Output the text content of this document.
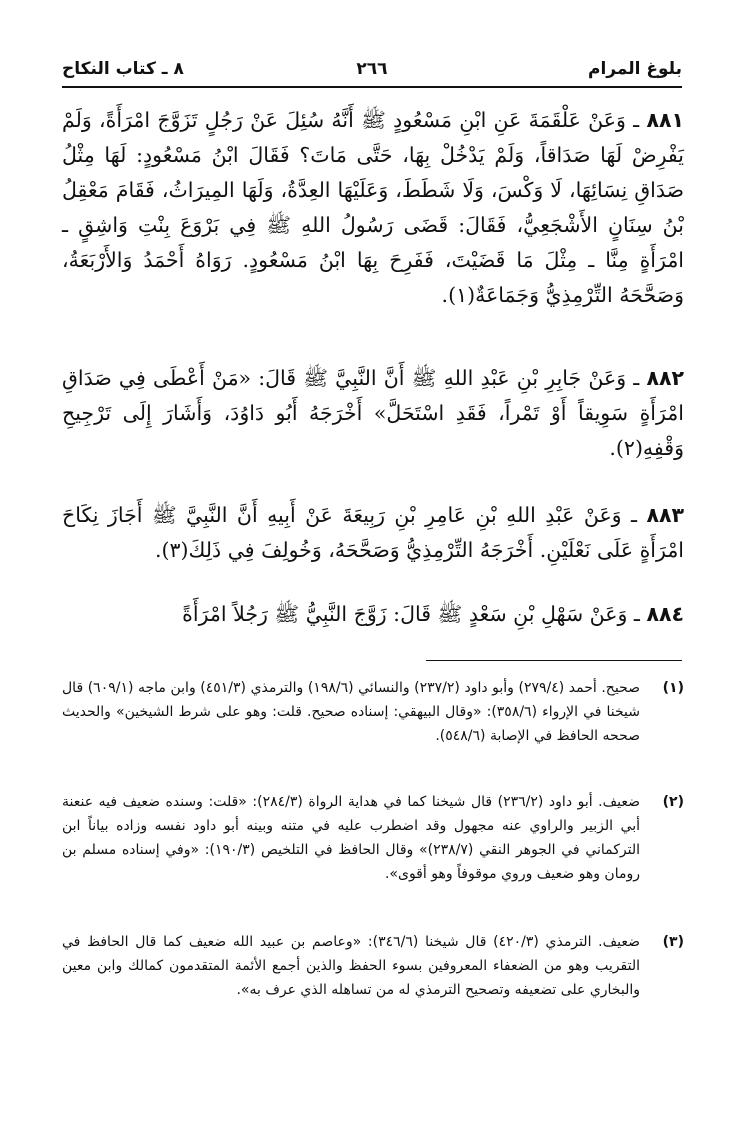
بلوغ المرام
٢٦٦
٨ ـ كتاب النكاح

٨٨١ ـ وَعَنْ عَلْقَمَةَ عَنِ ابْنِ مَسْعُودٍ ﷺ أَنَّهُ سُئِلَ عَنْ رَجُلٍ تَزَوَّجَ امْرَأَةً، وَلَمْ يَفْرِضْ لَهَا صَدَاقاً، وَلَمْ يَدْخُلْ بِهَا، حَتَّى مَاتَ؟ فَقَالَ ابْنُ مَسْعُودٍ: لَهَا مِثْلُ صَدَاقِ نِسَائِهَا، لَا وَكْسَ، وَلَا شَطَطَ، وَعَلَيْهَا العِدَّةُ، وَلَهَا المِيرَاثُ، فَقَامَ مَعْقِلُ بْنُ سِنَانٍ الأَشْجَعِيُّ، فَقَالَ: قَضَى رَسُولُ اللهِ ﷺ فِي بَرْوَعَ بِنْتِ وَاشِقٍ ـ امْرَأَةٍ مِنَّا ـ مِثْلَ مَا قَضَيْتَ، فَفَرِحَ بِهَا ابْنُ مَسْعُودٍ. رَوَاهُ أَحْمَدُ وَالأَرْبَعَةُ، وَصَحَّحَهُ التِّرْمِذِيُّ وَجَمَاعَةٌ(١).

٨٨٢ ـ وَعَنْ جَابِرِ بْنِ عَبْدِ اللهِ ﷺ أَنَّ النَّبِيَّ ﷺ قَالَ: «مَنْ أَعْطَى فِي صَدَاقِ امْرَأَةٍ سَوِيقاً أَوْ تَمْراً، فَقَدِ اسْتَحَلَّ» أَخْرَجَهُ أَبُو دَاوُدَ، وَأَشَارَ إِلَى تَرْجِيحِ وَقْفِهِ(٢).

٨٨٣ ـ وَعَنْ عَبْدِ اللهِ بْنِ عَامِرِ بْنِ رَبِيعَةَ عَنْ أَبِيهِ أَنَّ النَّبِيَّ ﷺ أَجَازَ نِكَاحَ امْرَأَةٍ عَلَى نَعْلَيْنِ. أَخْرَجَهُ التِّرْمِذِيُّ وَصَحَّحَهُ، وَخُولِفَ فِي ذَلِكَ(٣).

٨٨٤ ـ وَعَنْ سَهْلِ بْنِ سَعْدٍ ﷺ قَالَ: زَوَّجَ النَّبِيُّ ﷺ رَجُلاً امْرَأَةً

(١)
صحيح. أحمد (٢٧٩/٤) وأبو داود (٢٣٧/٢) والنسائي (١٩٨/٦) والترمذي (٤٥١/٣) وابن ماجه (٦٠٩/١) قال شيخنا في الإرواء (٣٥٨/٦): «وقال البيهقي: إسناده صحيح. قلت: وهو على شرط الشيخين» والحديث صححه الحافظ في الإصابة (٥٤٨/٦).
(٢)
ضعيف. أبو داود (٢٣٦/٢) قال شيخنا كما في هداية الرواة (٢٨٤/٣): «قلت: وسنده ضعيف فيه عنعنة أبي الزبير والراوي عنه مجهول وقد اضطرب عليه في متنه وبينه أبو داود نفسه وزاده بياناً ابن التركماني في الجوهر النقي (٢٣٨/٧)» وقال الحافظ في التلخيص (١٩٠/٣): «وفي إسناده مسلم بن رومان وهو ضعيف وروي موقوفاً وهو أقوى».
(٣)
ضعيف. الترمذي (٤٢٠/٣) قال شيخنا (٣٤٦/٦): «وعاصم بن عبيد الله ضعيف كما قال الحافظ في التقريب وهو من الضعفاء المعروفين بسوء الحفظ والذين أجمع الأئمة المتقدمون كمالك وابن معين والبخاري على تضعيفه وتصحيح الترمذي له من تساهله الذي عرف به».
